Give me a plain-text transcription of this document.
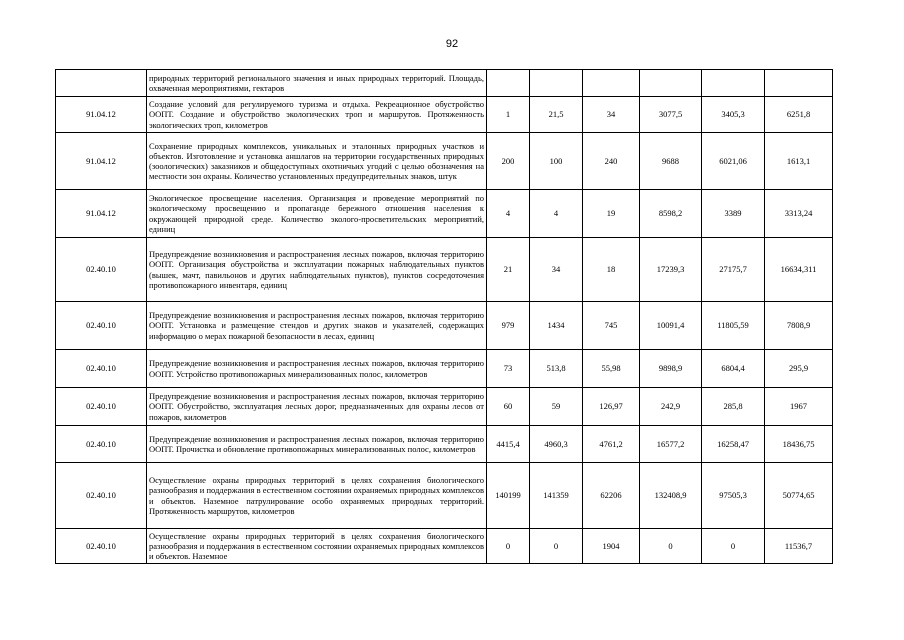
92
	природных территорий регионального значения и иных природных территорий. Площадь, охваченная мероприятиями, гектаров						
91.04.12	Создание условий для регулируемого туризма и отдыха. Рекреационное обустройство ООПТ. Создание и обустройство экологических троп и маршрутов. Протяженность экологических троп, километров	1	21,5	34	3077,5	3405,3	6251,8
91.04.12	Сохранение природных комплексов, уникальных и эталонных природных участков и объектов. Изготовление и установка аншлагов на территории государственных природных (зоологических) заказников и общедоступных охотничьих угодий с целью обозначения на местности зон охраны. Количество установленных предупредительных знаков, штук	200	100	240	9688	6021,06	1613,1
91.04.12	Экологическое просвещение населения. Организация и проведение мероприятий по экологическому просвещению и пропаганде бережного отношения населения к окружающей природной среде. Количество эколого-просветительских мероприятий, единиц	4	4	19	8598,2	3389	3313,24
02.40.10	Предупреждение возникновения и распространения лесных пожаров, включая территорию ООПТ. Организация обустройства и эксплуатации пожарных наблюдательных пунктов (вышек, мачт, павильонов и других наблюдательных пунктов), пунктов сосредоточения противопожарного инвентаря, единиц	21	34	18	17239,3	27175,7	16634,311
02.40.10	Предупреждение возникновения и распространения лесных пожаров, включая территорию ООПТ. Установка и размещение стендов и других знаков и указателей, содержащих информацию о мерах пожарной безопасности в лесах, единиц	979	1434	745	10091,4	11805,59	7808,9
02.40.10	Предупреждение возникновения и распространения лесных пожаров, включая территорию ООПТ. Устройство противопожарных минерализованных полос, километров	73	513,8	55,98	9898,9	6804,4	295,9
02.40.10	Предупреждение возникновения и распространения лесных пожаров, включая территорию ООПТ. Обустройство, эксплуатация лесных дорог, предназначенных для охраны лесов от пожаров, километров	60	59	126,97	242,9	285,8	1967
02.40.10	Предупреждение возникновения и распространения лесных пожаров, включая территорию ООПТ. Прочистка и обновление противопожарных минерализованных полос, километров	4415,4	4960,3	4761,2	16577,2	16258,47	18436,75
02.40.10	Осуществление охраны природных территорий в целях сохранения биологического разнообразия и поддержания в естественном состоянии охраняемых природных комплексов и объектов. Наземное патрулирование особо охраняемых природных территорий. Протяженность маршрутов, километров	140199	141359	62206	132408,9	97505,3	50774,65
02.40.10	Осуществление охраны природных территорий в целях сохранения биологического разнообразия и поддержания в естественном состоянии охраняемых природных комплексов и объектов. Наземное	0	0	1904	0	0	11536,7
